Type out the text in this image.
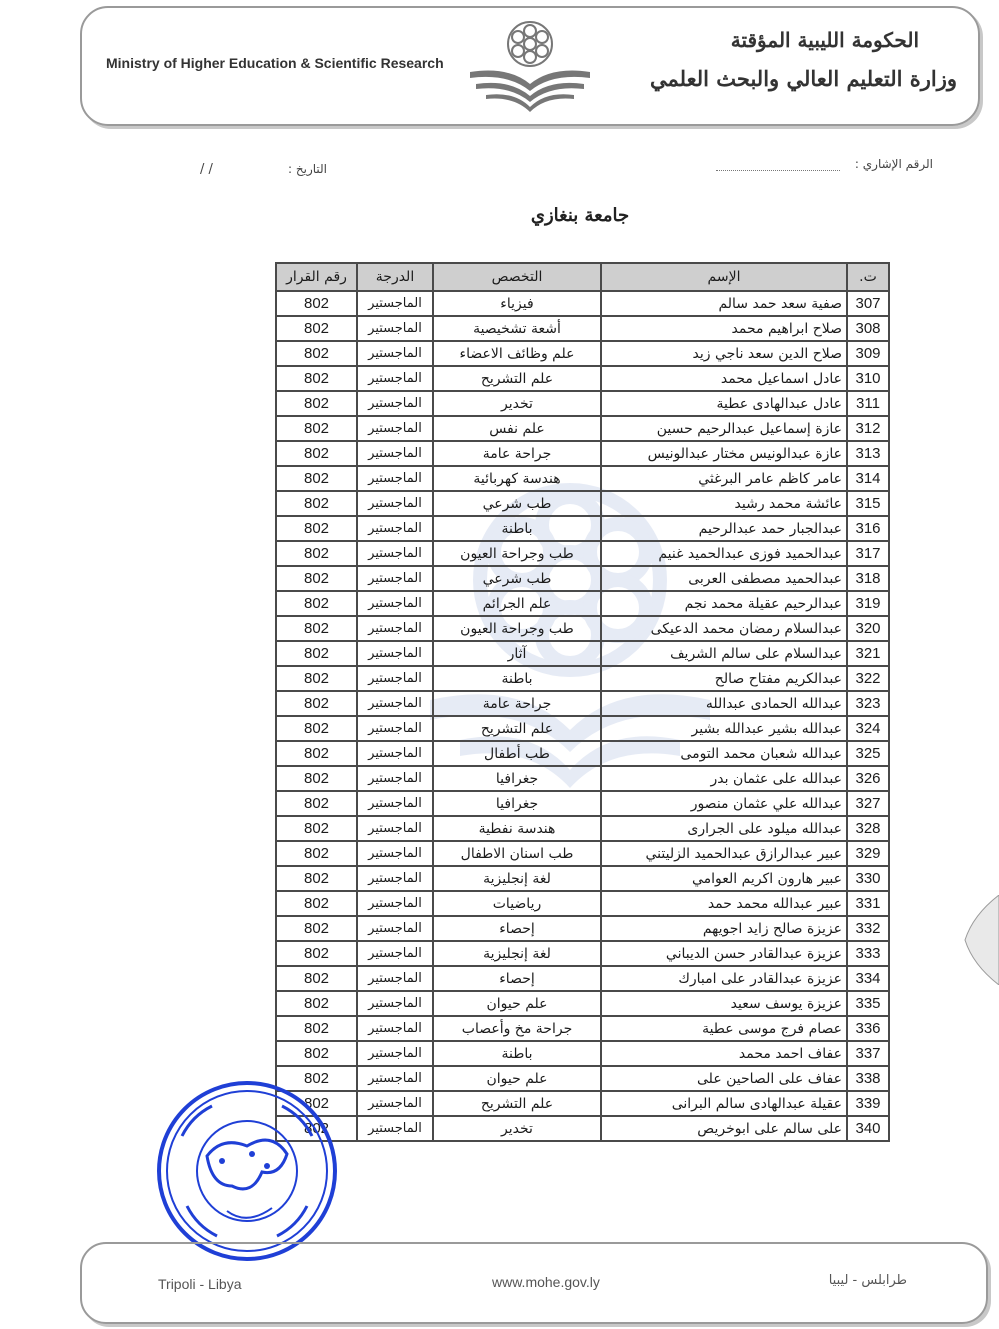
Ministry of Higher Education & Scientific Research
الحكومة الليبية المؤقتة
وزارة التعليم العالي والبحث العلمي
الرقم الإشاري :
التاريخ :
/ /
جامعة بنغازي
ت.	الإسم	التخصص	الدرجة	رقم القرار
307	صفية سعد حمد سالم	فيزياء	الماجستير	802
308	صلاح ابراهيم محمد	أشعة تشخيصية	الماجستير	802
309	صلاح الدين سعد ناجي زيد	علم وظائف الاعضاء	الماجستير	802
310	عادل اسماعيل محمد	علم التشريح	الماجستير	802
311	عادل عبدالهادى عطية	تخدير	الماجستير	802
312	عازة إسماعيل عبدالرحيم حسين	علم نفس	الماجستير	802
313	عازة عبدالونيس مختار عبدالونيس	جراحة عامة	الماجستير	802
314	عامر كاظم عامر البرغثي	هندسة كهربائية	الماجستير	802
315	عائشة محمد رشيد	طب شرعي	الماجستير	802
316	عبدالجبار حمد عبدالرحيم	باطنة	الماجستير	802
317	عبدالحميد فوزى عبدالحميد غنيم	طب وجراحة العيون	الماجستير	802
318	عبدالحميد مصطفى العربى	طب شرعي	الماجستير	802
319	عبدالرحيم عقيلة محمد نجم	علم الجرائم	الماجستير	802
320	عبدالسلام رمضان محمد الدعيكى	طب وجراحة العيون	الماجستير	802
321	عبدالسلام على سالم الشريف	آثار	الماجستير	802
322	عبدالكريم مفتاح صالح	باطنة	الماجستير	802
323	عبدالله الحمادى عبدالله	جراحة عامة	الماجستير	802
324	عبدالله بشير عبدالله بشير	علم التشريح	الماجستير	802
325	عبدالله شعبان محمد التومى	طب أطفال	الماجستير	802
326	عبدالله على عثمان بدر	جغرافيا	الماجستير	802
327	عبدالله علي عثمان منصور	جغرافيا	الماجستير	802
328	عبدالله ميلود على الجرارى	هندسة نفطية	الماجستير	802
329	عبير عبدالرازق عبدالحميد الزليتني	طب اسنان الاطفال	الماجستير	802
330	عبير هارون اكريم العوامي	لغة إنجليزية	الماجستير	802
331	عبير عبدالله محمد حمد	رياضيات	الماجستير	802
332	عزيزة صالح زايد اجويهم	إحصاء	الماجستير	802
333	عزيزة عبدالقادر حسن الديباني	لغة إنجليزية	الماجستير	802
334	عزيزة عبدالقادر على امبارك	إحصاء	الماجستير	802
335	عزيزة يوسف سعيد	علم حيوان	الماجستير	802
336	عصام فرج موسى عطية	جراحة مخ وأعصاب	الماجستير	802
337	عفاف احمد محمد	باطنة	الماجستير	802
338	عفاف على الصاحين على	علم حيوان	الماجستير	802
339	عقيلة عبدالهادى سالم البرانى	علم التشريح	الماجستير	802
340	على سالم على ابوخريص	تخدير	الماجستير	802
Tripoli - Libya	www.mohe.gov.ly	طرابلس - ليبيا
